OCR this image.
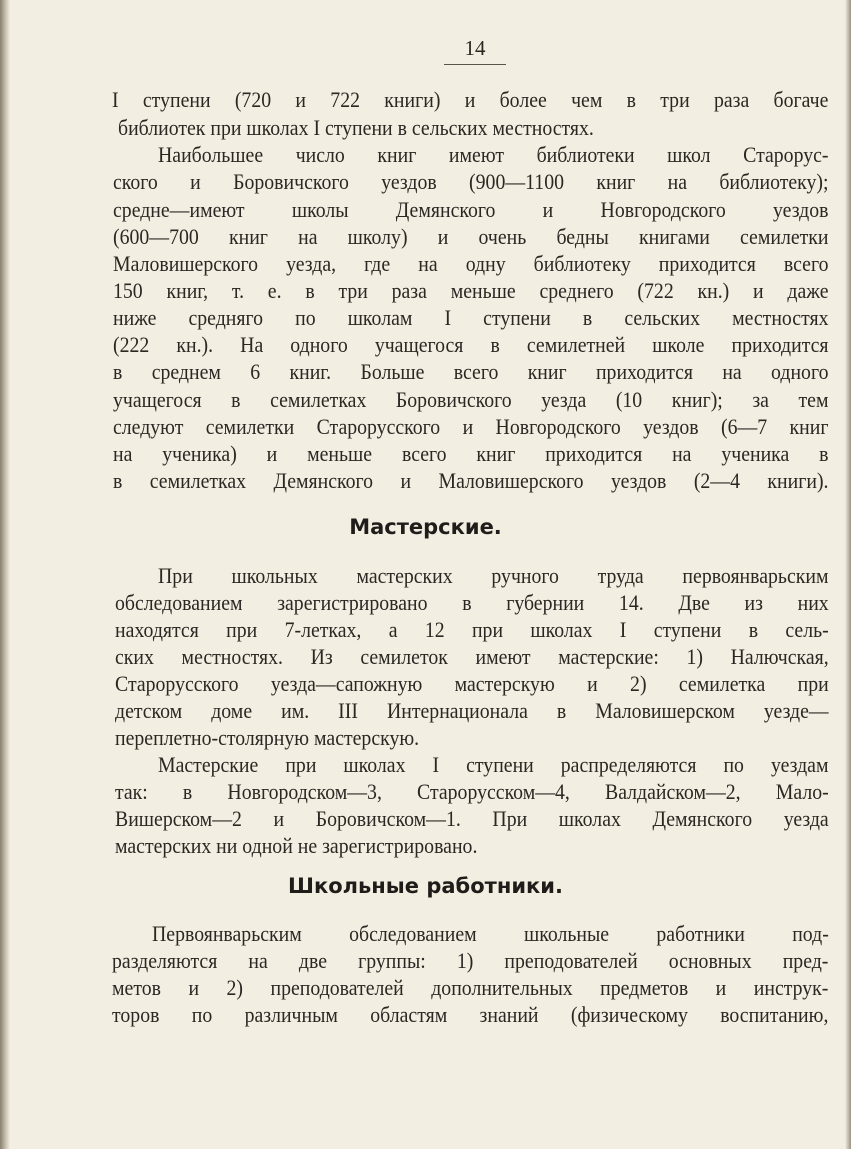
14

I ступени (720 и 722 книги) и более чем в три раза богаче

библиотек при школах I ступени в сельских местностях.

Наибольшее число книг имеют библиотеки школ Старорус-

ского и Боровичского уездов (900—1100 книг на библиотеку);

средне—имеют школы Демянского и Новгородского уездов

(600—700 книг на школу) и очень бедны книгами семилетки

Маловишерского уезда, где на одну библиотеку приходится всего

150 книг, т. е. в три раза меньше среднего (722 кн.) и даже

ниже средняго по школам I ступени в сельских местностях

(222 кн.). На одного учащегося в семилетней школе приходится

в среднем 6 книг. Больше всего книг приходится на одного

учащегося в семилетках Боровичского уезда (10 книг); за тем

следуют семилетки Старорусского и Новгородского уездов (6—7 книг

на ученика) и меньше всего книг приходится на ученика в

в семилетках Демянского и Маловишерского уездов (2—4 книги).

Мастерские.

При школьных мастерских ручного труда первоянварьским

обследованием зарегистрировано в губернии 14. Две из них

находятся при 7-летках, а 12 при школах I ступени в сель-

ских местностях. Из семилеток имеют мастерские: 1) Налючская,

Старорусского уезда—сапожную мастерскую и 2) семилетка при

детском доме им. III Интернационала в Маловишерском уезде—

переплетно-столярную мастерскую.

Мастерские при школах I ступени распределяются по уездам

так: в Новгородском—3, Старорусском—4, Валдайском—2, Мало-

Вишерском—2 и Боровичском—1. При школах Демянского уезда

мастерских ни одной не зарегистрировано.

Школьные работники.

Первоянварьским обследованием школьные работники под-

разделяются на две группы: 1) преподователей основных пред-

метов и 2) преподователей дополнительных предметов и инструк-

торов по различным областям знаний (физическому воспитанию,
